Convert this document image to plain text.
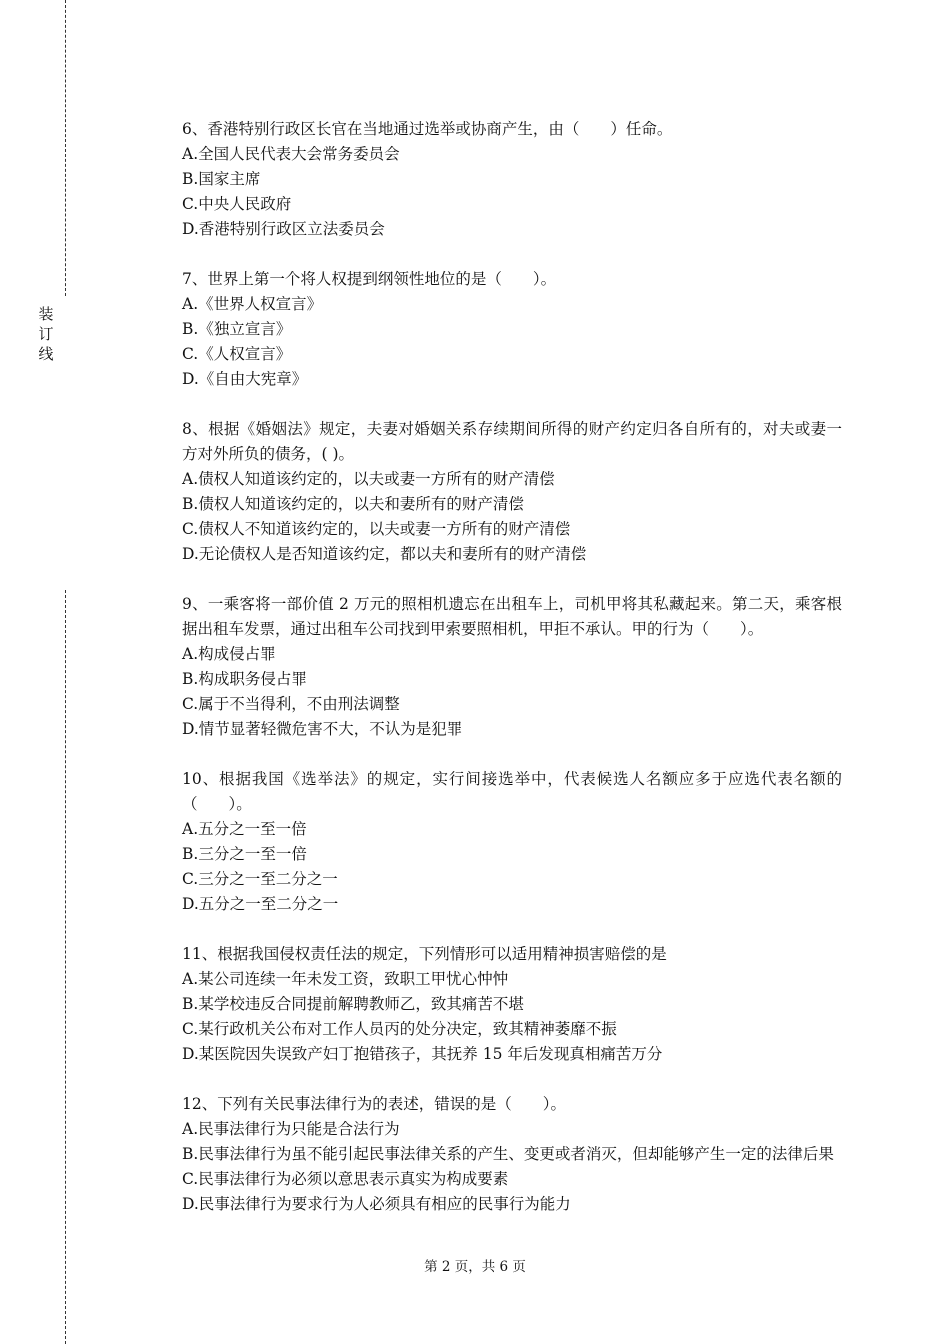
装
订
线

6、香港特别行政区长官在当地通过选举或协商产生，由（　　）任命。

A.全国人民代表大会常务委员会

B.国家主席

C.中央人民政府

D.香港特别行政区立法委员会

7、世界上第一个将人权提到纲领性地位的是（　　）。

A.《世界人权宣言》

B.《独立宣言》

C.《人权宣言》

D.《自由大宪章》

8、根据《婚姻法》规定，夫妻对婚姻关系存续期间所得的财产约定归各自所有的，对夫或妻一方对外所负的债务，( )。

A.债权人知道该约定的，以夫或妻一方所有的财产清偿

B.债权人知道该约定的，以夫和妻所有的财产清偿

C.债权人不知道该约定的，以夫或妻一方所有的财产清偿

D.无论债权人是否知道该约定，都以夫和妻所有的财产清偿

9、一乘客将一部价值 2 万元的照相机遗忘在出租车上，司机甲将其私藏起来。第二天，乘客根据出租车发票，通过出租车公司找到甲索要照相机，甲拒不承认。甲的行为（　　）。

A.构成侵占罪

B.构成职务侵占罪

C.属于不当得利，不由刑法调整

D.情节显著轻微危害不大，不认为是犯罪

10、根据我国《选举法》的规定，实行间接选举中，代表候选人名额应多于应选代表名额的（　　）。

A.五分之一至一倍

B.三分之一至一倍

C.三分之一至二分之一

D.五分之一至二分之一

11、根据我国侵权责任法的规定，下列情形可以适用精神损害赔偿的是

A.某公司连续一年未发工资，致职工甲忧心忡忡

B.某学校违反合同提前解聘教师乙，致其痛苦不堪

C.某行政机关公布对工作人员丙的处分决定，致其精神萎靡不振

D.某医院因失误致产妇丁抱错孩子，其抚养 15 年后发现真相痛苦万分

12、下列有关民事法律行为的表述，错误的是（　　）。

A.民事法律行为只能是合法行为

B.民事法律行为虽不能引起民事法律关系的产生、变更或者消灭，但却能够产生一定的法律后果

C.民事法律行为必须以意思表示真实为构成要素

D.民事法律行为要求行为人必须具有相应的民事行为能力

第 2 页，共 6 页
